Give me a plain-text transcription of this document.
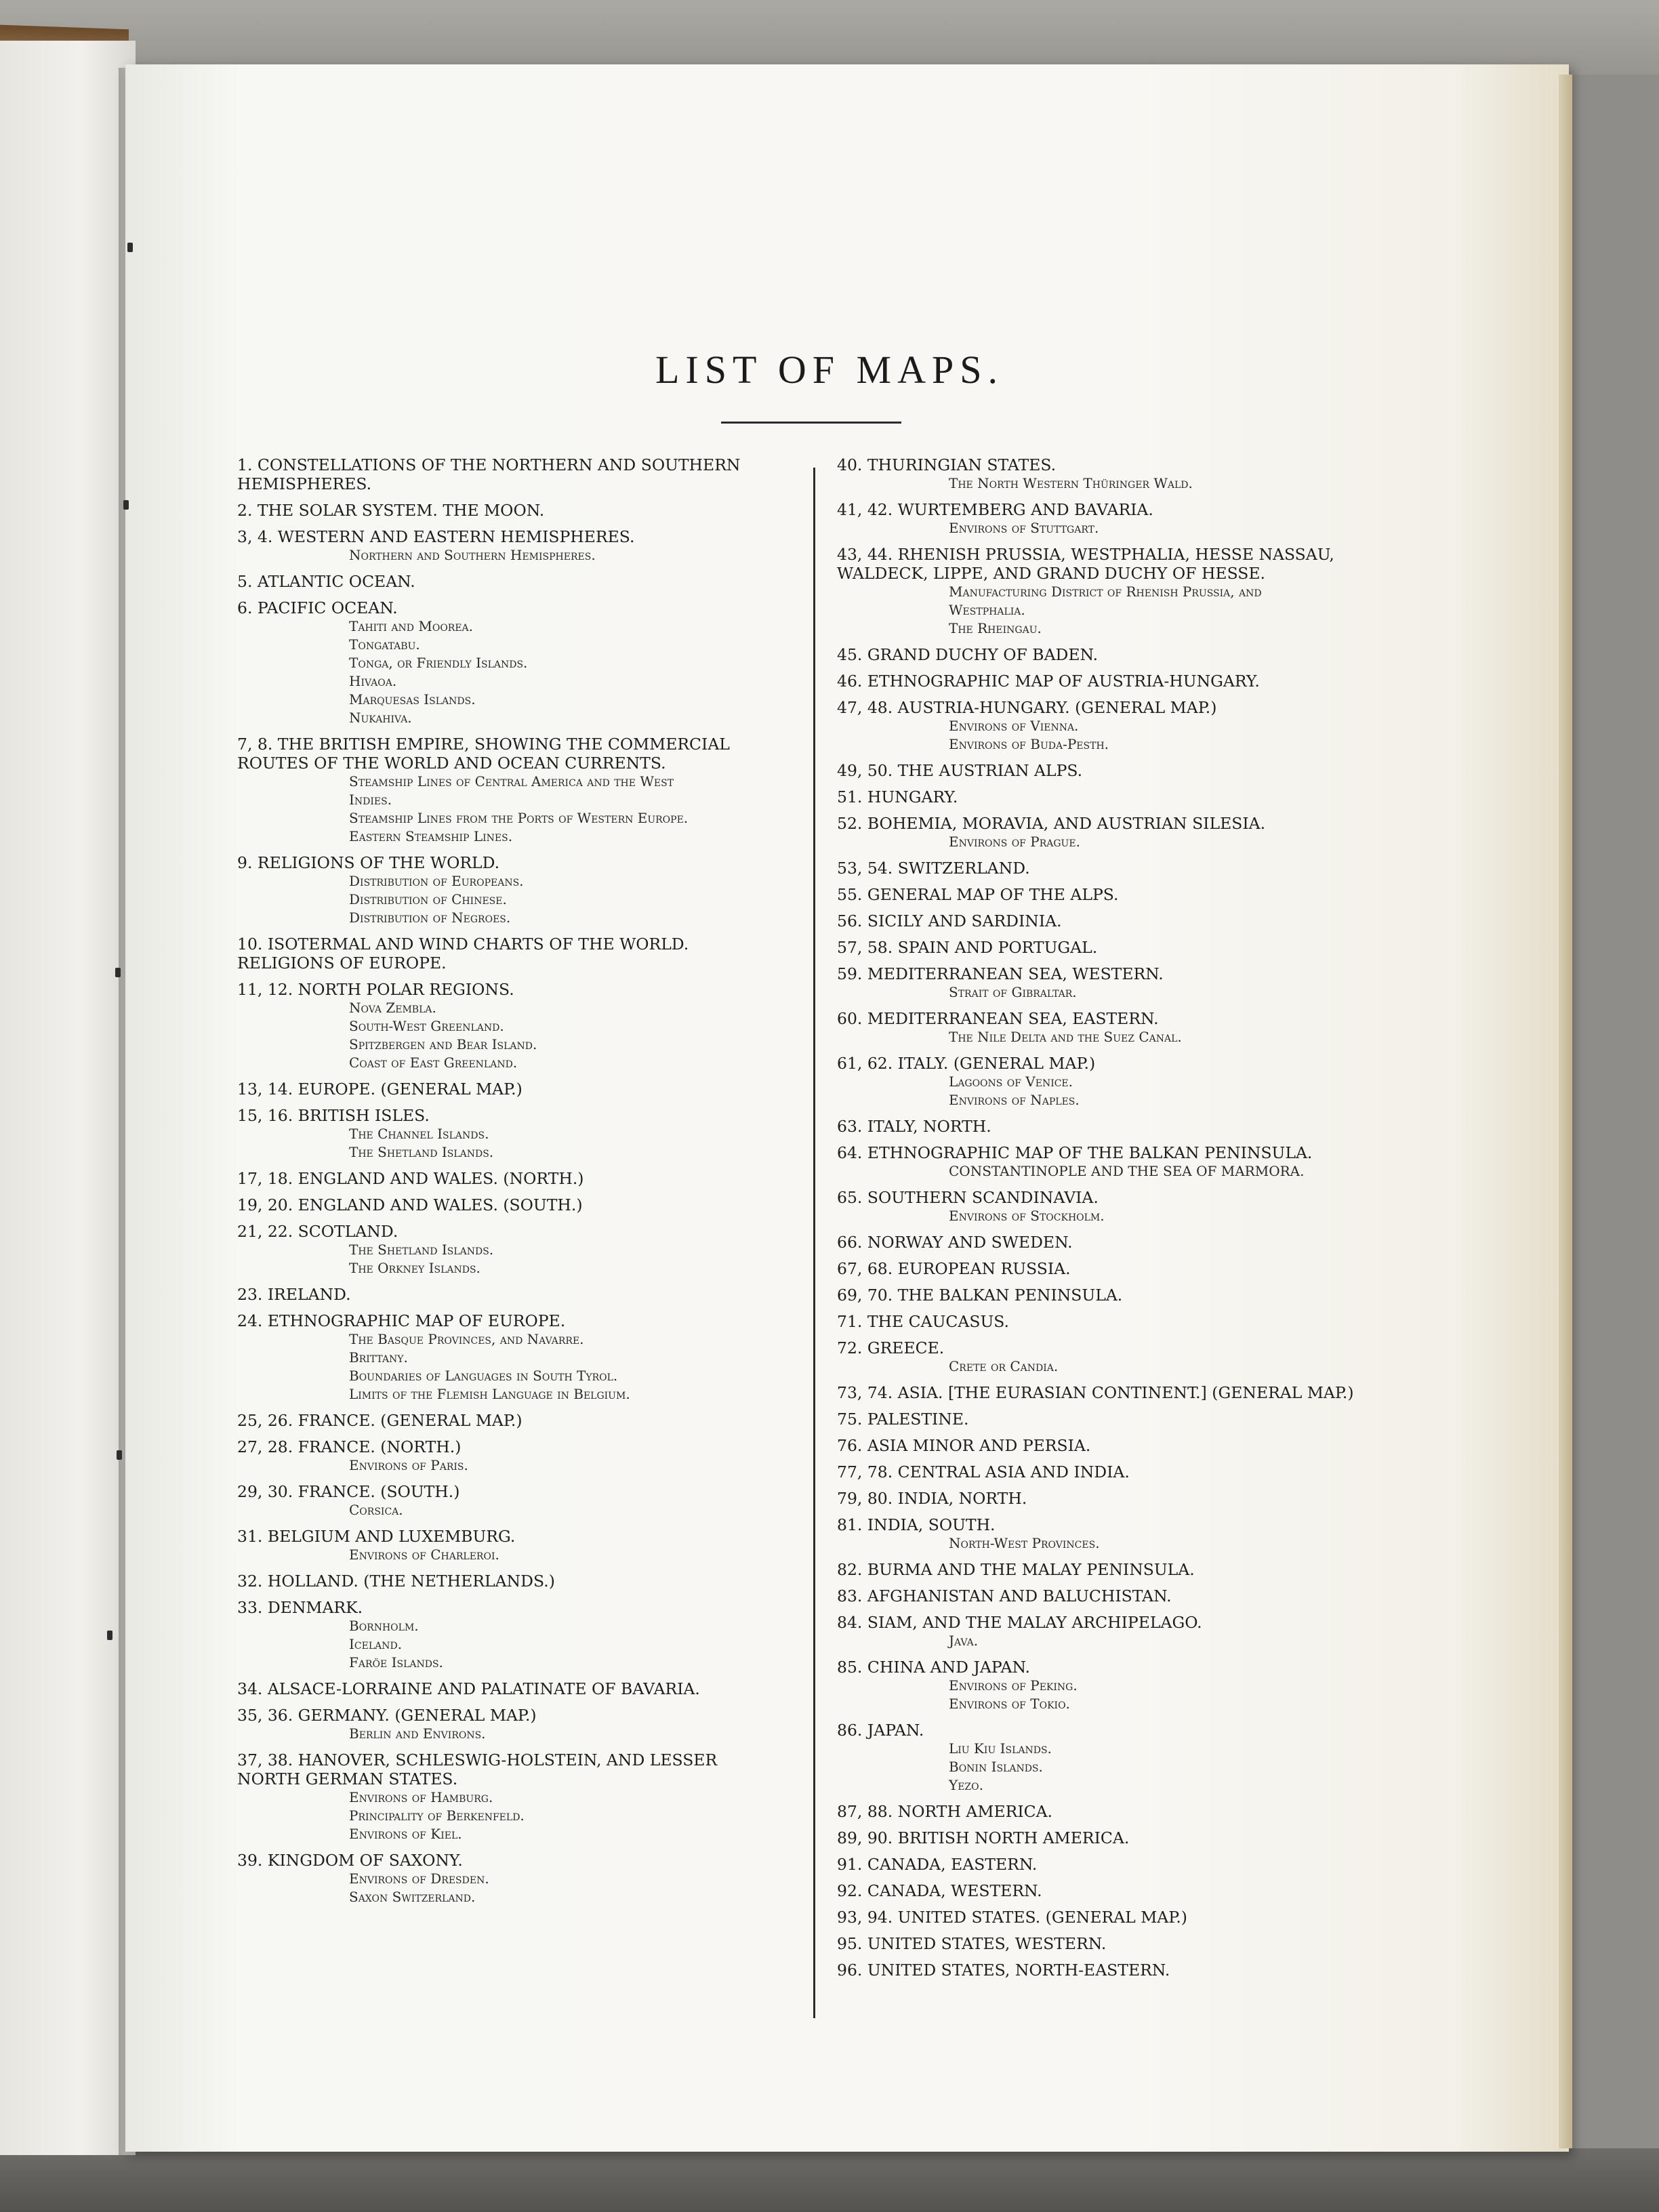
LIST OF MAPS.
1. CONSTELLATIONS OF THE NORTHERN AND SOUTHERN HEMISPHERES.
2. THE SOLAR SYSTEM. THE MOON.
3, 4. WESTERN AND EASTERN HEMISPHERES.
Northern and Southern Hemispheres.
5. ATLANTIC OCEAN.
6. PACIFIC OCEAN.
Tahiti and Moorea.
Tongatabu.
Tonga, or Friendly Islands.
Hivaoa.
Marquesas Islands.
Nukahiva.
7, 8. THE BRITISH EMPIRE, SHOWING THE COMMERCIAL ROUTES OF THE WORLD AND OCEAN CURRENTS.
Steamship Lines of Central America and the West
Indies.
Steamship Lines from the Ports of Western Europe.
Eastern Steamship Lines.
9. RELIGIONS OF THE WORLD.
Distribution of Europeans.
Distribution of Chinese.
Distribution of Negroes.
10. ISOTERMAL AND WIND CHARTS OF THE WORLD. RELIGIONS OF EUROPE.
11, 12. NORTH POLAR REGIONS.
Nova Zembla.
South-West Greenland.
Spitzbergen and Bear Island.
Coast of East Greenland.
13, 14. EUROPE. (GENERAL MAP.)
15, 16. BRITISH ISLES.
The Channel Islands.
The Shetland Islands.
17, 18. ENGLAND AND WALES. (NORTH.)
19, 20. ENGLAND AND WALES. (SOUTH.)
21, 22. SCOTLAND.
The Shetland Islands.
The Orkney Islands.
23. IRELAND.
24. ETHNOGRAPHIC MAP OF EUROPE.
The Basque Provinces, and Navarre.
Brittany.
Boundaries of Languages in South Tyrol.
Limits of the Flemish Language in Belgium.
25, 26. FRANCE. (GENERAL MAP.)
27, 28. FRANCE. (NORTH.)
Environs of Paris.
29, 30. FRANCE. (SOUTH.)
Corsica.
31. BELGIUM AND LUXEMBURG.
Environs of Charleroi.
32. HOLLAND. (THE NETHERLANDS.)
33. DENMARK.
Bornholm.
Iceland.
Faröe Islands.
34. ALSACE-LORRAINE AND PALATINATE OF BAVARIA.
35, 36. GERMANY. (GENERAL MAP.)
Berlin and Environs.
37, 38. HANOVER, SCHLESWIG-HOLSTEIN, AND LESSER NORTH GERMAN STATES.
Environs of Hamburg.
Principality of Berkenfeld.
Environs of Kiel.
39. KINGDOM OF SAXONY.
Environs of Dresden.
Saxon Switzerland.
40. THURINGIAN STATES.
The North Western Thüringer Wald.
41, 42. WURTEMBERG AND BAVARIA.
Environs of Stuttgart.
43, 44. RHENISH PRUSSIA, WESTPHALIA, HESSE NASSAU, WALDECK, LIPPE, AND GRAND DUCHY OF HESSE.
Manufacturing District of Rhenish Prussia, and
Westphalia.
The Rheingau.
45. GRAND DUCHY OF BADEN.
46. ETHNOGRAPHIC MAP OF AUSTRIA-HUNGARY.
47, 48. AUSTRIA-HUNGARY. (GENERAL MAP.)
Environs of Vienna.
Environs of Buda-Pesth.
49, 50. THE AUSTRIAN ALPS.
51. HUNGARY.
52. BOHEMIA, MORAVIA, AND AUSTRIAN SILESIA.
Environs of Prague.
53, 54. SWITZERLAND.
55. GENERAL MAP OF THE ALPS.
56. SICILY AND SARDINIA.
57, 58. SPAIN AND PORTUGAL.
59. MEDITERRANEAN SEA, WESTERN.
Strait of Gibraltar.
60. MEDITERRANEAN SEA, EASTERN.
The Nile Delta and the Suez Canal.
61, 62. ITALY. (GENERAL MAP.)
Lagoons of Venice.
Environs of Naples.
63. ITALY, NORTH.
64. ETHNOGRAPHIC MAP OF THE BALKAN PENINSULA.
CONSTANTINOPLE AND THE SEA OF MARMORA.
65. SOUTHERN SCANDINAVIA.
Environs of Stockholm.
66. NORWAY AND SWEDEN.
67, 68. EUROPEAN RUSSIA.
69, 70. THE BALKAN PENINSULA.
71. THE CAUCASUS.
72. GREECE.
Crete or Candia.
73, 74. ASIA. [THE EURASIAN CONTINENT.] (GENERAL MAP.)
75. PALESTINE.
76. ASIA MINOR AND PERSIA.
77, 78. CENTRAL ASIA AND INDIA.
79, 80. INDIA, NORTH.
81. INDIA, SOUTH.
North-West Provinces.
82. BURMA AND THE MALAY PENINSULA.
83. AFGHANISTAN AND BALUCHISTAN.
84. SIAM, AND THE MALAY ARCHIPELAGO.
Java.
85. CHINA AND JAPAN.
Environs of Peking.
Environs of Tokio.
86. JAPAN.
Liu Kiu Islands.
Bonin Islands.
Yezo.
87, 88. NORTH AMERICA.
89, 90. BRITISH NORTH AMERICA.
91. CANADA, EASTERN.
92. CANADA, WESTERN.
93, 94. UNITED STATES. (GENERAL MAP.)
95. UNITED STATES, WESTERN.
96. UNITED STATES, NORTH-EASTERN.
